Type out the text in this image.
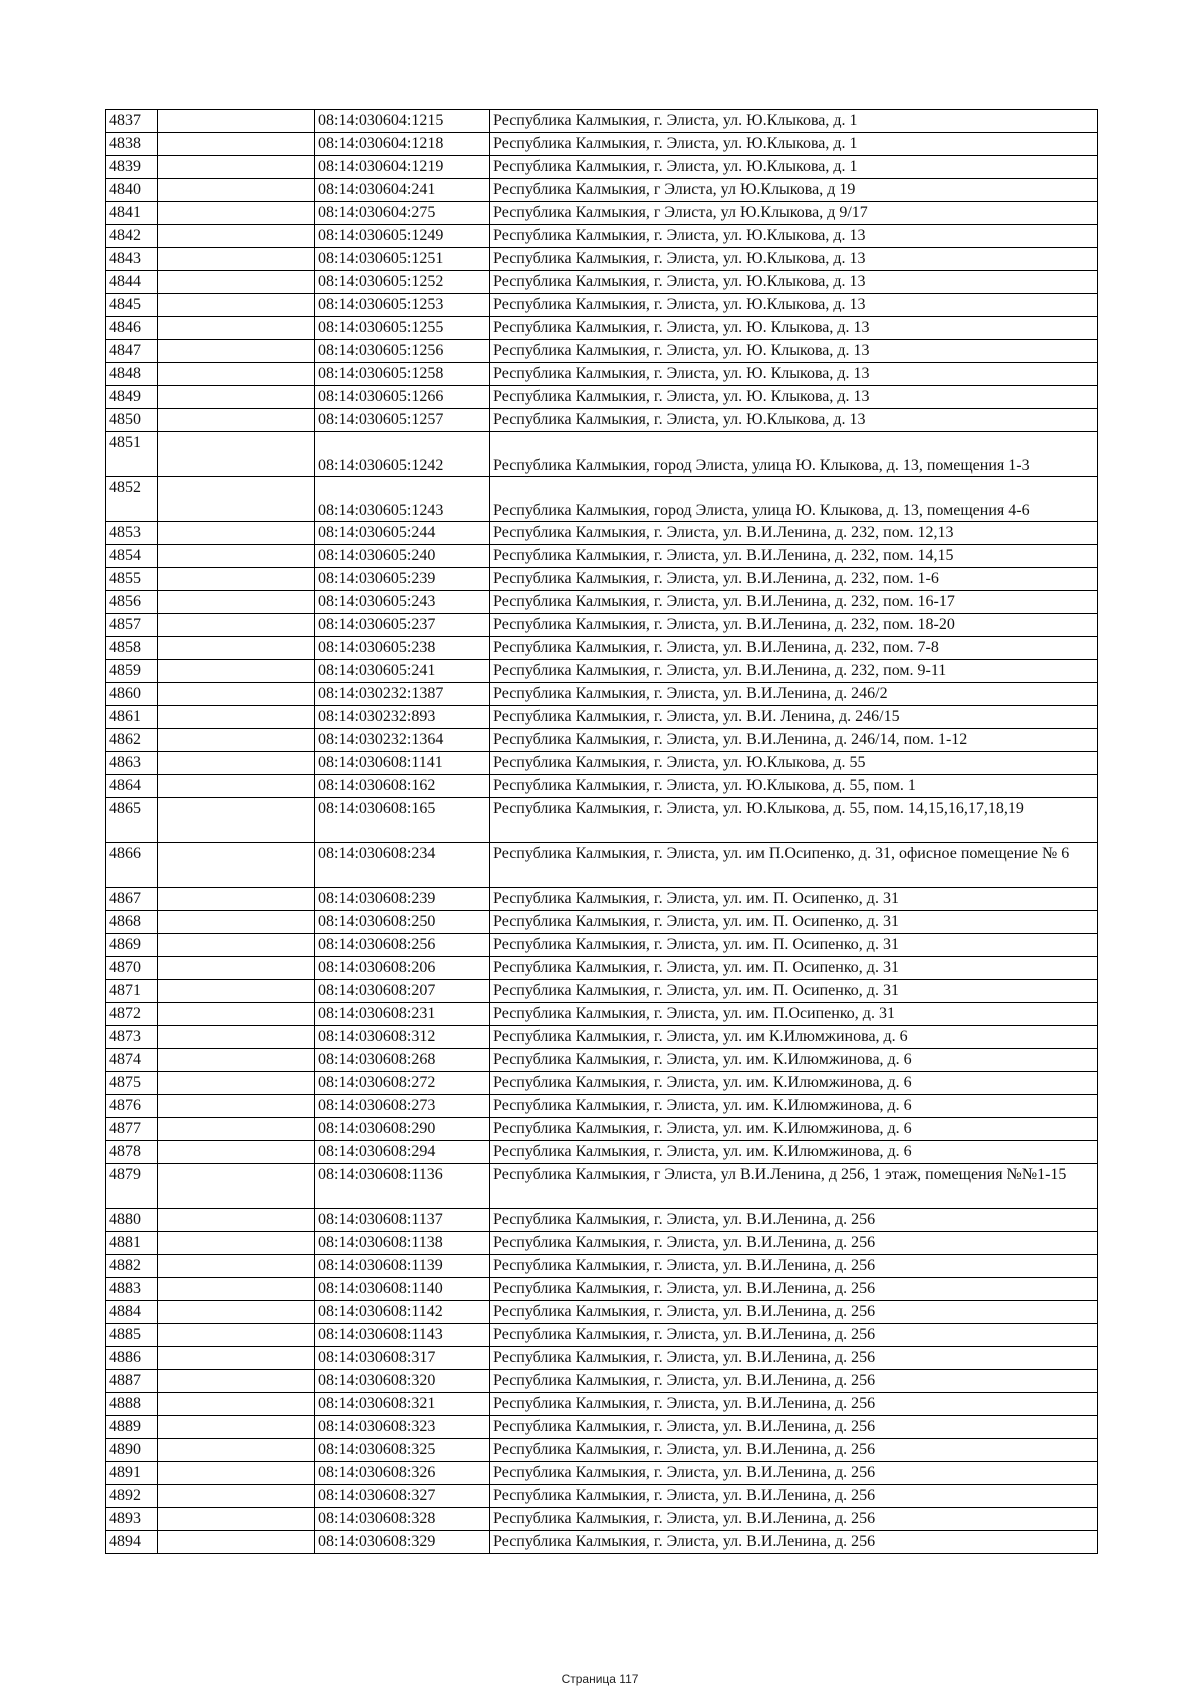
4837		08:14:030604:1215	Республика Калмыкия, г. Элиста, ул. Ю.Клыкова, д. 1
4838		08:14:030604:1218	Республика Калмыкия, г. Элиста, ул. Ю.Клыкова, д. 1
4839		08:14:030604:1219	Республика Калмыкия, г. Элиста, ул. Ю.Клыкова, д. 1
4840		08:14:030604:241	Республика Калмыкия, г Элиста, ул Ю.Клыкова, д 19
4841		08:14:030604:275	Республика Калмыкия, г Элиста, ул Ю.Клыкова, д 9/17
4842		08:14:030605:1249	Республика Калмыкия, г. Элиста, ул. Ю.Клыкова, д. 13
4843		08:14:030605:1251	Республика Калмыкия, г. Элиста, ул. Ю.Клыкова, д. 13
4844		08:14:030605:1252	Республика Калмыкия, г. Элиста, ул. Ю.Клыкова, д. 13
4845		08:14:030605:1253	Республика Калмыкия, г. Элиста, ул. Ю.Клыкова, д. 13
4846		08:14:030605:1255	Республика Калмыкия, г. Элиста, ул. Ю. Клыкова, д. 13
4847		08:14:030605:1256	Республика Калмыкия, г. Элиста, ул. Ю. Клыкова, д. 13
4848		08:14:030605:1258	Республика Калмыкия, г. Элиста, ул. Ю. Клыкова, д. 13
4849		08:14:030605:1266	Республика Калмыкия, г. Элиста, ул. Ю. Клыкова, д. 13
4850		08:14:030605:1257	Республика Калмыкия, г. Элиста, ул. Ю.Клыкова, д. 13
4851		08:14:030605:1242	Республика Калмыкия, город Элиста, улица Ю. Клыкова, д. 13, помещения 1-3
4852		08:14:030605:1243	Республика Калмыкия, город Элиста, улица Ю. Клыкова, д. 13, помещения 4-6
4853		08:14:030605:244	Республика Калмыкия, г. Элиста, ул. В.И.Ленина, д. 232, пом. 12,13
4854		08:14:030605:240	Республика Калмыкия, г. Элиста, ул. В.И.Ленина, д. 232, пом. 14,15
4855		08:14:030605:239	Республика Калмыкия, г. Элиста, ул. В.И.Ленина, д. 232, пом. 1-6
4856		08:14:030605:243	Республика Калмыкия, г. Элиста, ул. В.И.Ленина, д. 232, пом. 16-17
4857		08:14:030605:237	Республика Калмыкия, г. Элиста, ул. В.И.Ленина, д. 232, пом. 18-20
4858		08:14:030605:238	Республика Калмыкия, г. Элиста, ул. В.И.Ленина, д. 232, пом. 7-8
4859		08:14:030605:241	Республика Калмыкия, г. Элиста, ул. В.И.Ленина, д. 232, пом. 9-11
4860		08:14:030232:1387	Республика Калмыкия, г. Элиста, ул. В.И.Ленина, д. 246/2
4861		08:14:030232:893	Республика Калмыкия, г. Элиста, ул. В.И. Ленина, д. 246/15
4862		08:14:030232:1364	Республика Калмыкия, г. Элиста, ул. В.И.Ленина, д. 246/14, пом. 1-12
4863		08:14:030608:1141	Республика Калмыкия, г. Элиста, ул. Ю.Клыкова, д. 55
4864		08:14:030608:162	Республика Калмыкия, г. Элиста, ул. Ю.Клыкова, д. 55, пом. 1
4865		08:14:030608:165	Республика Калмыкия, г. Элиста, ул. Ю.Клыкова, д. 55, пом. 14,15,16,17,18,19
4866		08:14:030608:234	Республика Калмыкия, г. Элиста, ул. им П.Осипенко, д. 31, офисное помещение № 6
4867		08:14:030608:239	Республика Калмыкия, г. Элиста, ул. им. П. Осипенко, д. 31
4868		08:14:030608:250	Республика Калмыкия, г. Элиста, ул. им. П. Осипенко, д. 31
4869		08:14:030608:256	Республика Калмыкия, г. Элиста, ул. им. П. Осипенко, д. 31
4870		08:14:030608:206	Республика Калмыкия, г. Элиста, ул. им. П. Осипенко, д. 31
4871		08:14:030608:207	Республика Калмыкия, г. Элиста, ул. им. П. Осипенко, д. 31
4872		08:14:030608:231	Республика Калмыкия, г. Элиста, ул. им. П.Осипенко, д. 31
4873		08:14:030608:312	Республика Калмыкия, г. Элиста, ул. им К.Илюмжинова, д. 6
4874		08:14:030608:268	Республика Калмыкия, г. Элиста, ул. им. К.Илюмжинова, д. 6
4875		08:14:030608:272	Республика Калмыкия, г. Элиста, ул. им. К.Илюмжинова, д. 6
4876		08:14:030608:273	Республика Калмыкия, г. Элиста, ул. им. К.Илюмжинова, д. 6
4877		08:14:030608:290	Республика Калмыкия, г. Элиста, ул. им. К.Илюмжинова, д. 6
4878		08:14:030608:294	Республика Калмыкия, г. Элиста, ул. им. К.Илюмжинова, д. 6
4879		08:14:030608:1136	Республика Калмыкия, г Элиста, ул В.И.Ленина, д 256, 1 этаж, помещения №№1-15
4880		08:14:030608:1137	Республика Калмыкия, г. Элиста, ул. В.И.Ленина, д. 256
4881		08:14:030608:1138	Республика Калмыкия, г. Элиста, ул. В.И.Ленина, д. 256
4882		08:14:030608:1139	Республика Калмыкия, г. Элиста, ул. В.И.Ленина, д. 256
4883		08:14:030608:1140	Республика Калмыкия, г. Элиста, ул. В.И.Ленина, д. 256
4884		08:14:030608:1142	Республика Калмыкия, г. Элиста, ул. В.И.Ленина, д. 256
4885		08:14:030608:1143	Республика Калмыкия, г. Элиста, ул. В.И.Ленина, д. 256
4886		08:14:030608:317	Республика Калмыкия, г. Элиста, ул. В.И.Ленина, д. 256
4887		08:14:030608:320	Республика Калмыкия, г. Элиста, ул. В.И.Ленина, д. 256
4888		08:14:030608:321	Республика Калмыкия, г. Элиста, ул. В.И.Ленина, д. 256
4889		08:14:030608:323	Республика Калмыкия, г. Элиста, ул. В.И.Ленина, д. 256
4890		08:14:030608:325	Республика Калмыкия, г. Элиста, ул. В.И.Ленина, д. 256
4891		08:14:030608:326	Республика Калмыкия, г. Элиста, ул. В.И.Ленина, д. 256
4892		08:14:030608:327	Республика Калмыкия, г. Элиста, ул. В.И.Ленина, д. 256
4893		08:14:030608:328	Республика Калмыкия, г. Элиста, ул. В.И.Ленина, д. 256
4894		08:14:030608:329	Республика Калмыкия, г. Элиста, ул. В.И.Ленина, д. 256
Страница 117
